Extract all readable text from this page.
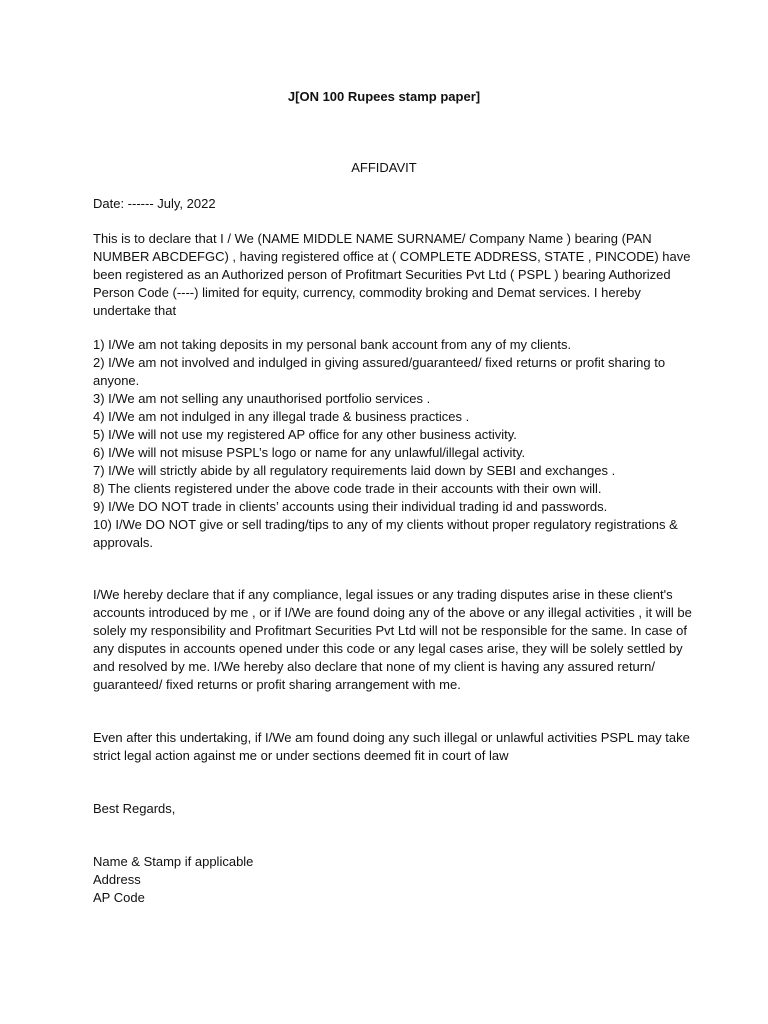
J[ON 100 Rupees stamp paper]
AFFIDAVIT

Date: ------ July, 2022

This is to declare that I / We (NAME MIDDLE NAME SURNAME/ Company Name ) bearing (PAN NUMBER ABCDEFGC) , having registered office at ( COMPLETE ADDRESS, STATE , PINCODE) have been registered as an Authorized person of Profitmart Securities Pvt Ltd ( PSPL ) bearing Authorized Person Code (----) limited for equity, currency, commodity broking and Demat services. I hereby undertake that

1) I/We am not taking deposits in my personal bank account from any of my clients.
2) I/We am not involved and indulged in giving assured/guaranteed/ fixed returns or profit sharing to anyone.
3) I/We am not selling any unauthorised portfolio services .
4) I/We am not indulged in any illegal trade & business practices .
5) I/We will not use my registered AP office for any other business activity.
6) I/We will not misuse PSPL’s logo or name for any unlawful/illegal activity.
7) I/We will strictly abide by all regulatory requirements laid down by SEBI and exchanges .
8) The clients registered under the above code trade in their accounts with their own will.
9) I/We DO NOT trade in clients’ accounts using their individual trading id and passwords.
10) I/We DO NOT give or sell trading/tips to any of my clients without proper regulatory registrations & approvals.

I/We hereby declare that if any compliance, legal issues or any trading disputes arise in these client's accounts introduced by me , or if I/We are found doing any of the above or any illegal activities , it will be solely my responsibility and Profitmart Securities Pvt Ltd will not be responsible for the same. In case of any disputes in accounts opened under this code or any legal cases arise, they will be solely settled by and resolved by me. I/We hereby also declare that none of my client is having any assured return/ guaranteed/ fixed returns or profit sharing arrangement with me.

Even after this undertaking, if I/We am found doing any such illegal or unlawful activities PSPL may take strict legal action against me or under sections deemed fit in court of law

Best Regards,

Name & Stamp if applicable
Address
AP Code
